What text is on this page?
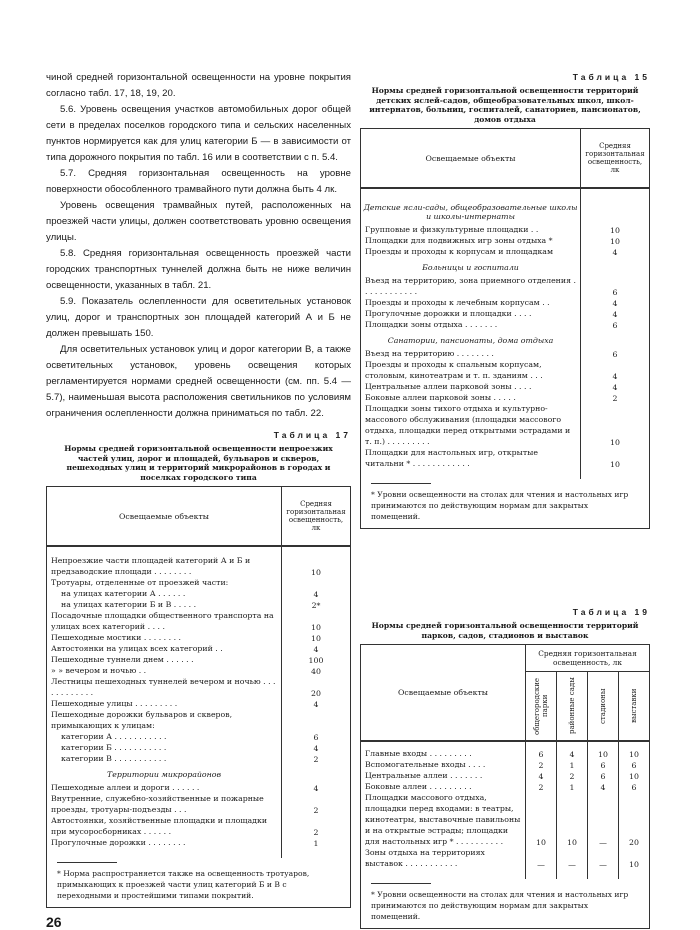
чиной средней горизонтальной освещенности на уровне покрытия согласно табл. 17, 18, 19, 20.

5.6. Уровень освещения участков автомобильных дорог общей сети в пределах поселков городского типа и сельских населенных пунктов нормируется как для улиц категории Б — в зависимости от типа дорожного покрытия по табл. 16 или в соответствии с п. 5.4.

5.7. Средняя горизонтальная освещенность на уровне поверхности обособленного трамвайного пути должна быть 4 лк.

Уровень освещения трамвайных путей, расположенных на проезжей части улицы, должен соответствовать уровню освещения улицы.

5.8. Средняя горизонтальная освещенность проезжей части городских транспортных туннелей должна быть не ниже величин освещенности, указанных в табл. 21.

5.9. Показатель ослепленности для осветительных установок улиц, дорог и транспортных зон площадей категорий А и Б не должен превышать 150.

Для осветительных установок улиц и дорог категории В, а также осветительных установок, уровень освещения которых регламентируется нормами средней освещенности (см. пп. 5.4 — 5.7), наименьшая высота расположения светильников по условиям ограничения ослепленности должна приниматься по табл. 22.

Таблица 17
Нормы средней горизонтальной освещенности непроезжих частей улиц, дорог и площадей, бульваров и скверов, пешеходных улиц и территорий микрорайонов в городах и поселках городского типа
Освещаемые объекты	Средняя горизонтальная освещенность, лк

Непроезжие части площадей категорий А и Б и предзаводские площади . . . . . . . .	10
Тротуары, отделенные от проезжей части:	
на улицах категории А . . . . . .	4
на улицах категории Б и В . . . . .	2*
Посадочные площадки общественного транспорта на улицах всех категорий . . . .	10
Пешеходные мостики . . . . . . . .	10
Автостоянки на улицах всех категорий . .	4
Пешеходные туннели днем . . . . . .	100
» » вечером и ночью . .	40
Лестницы пешеходных туннелей вечером и ночью . . . . . . . . . . . .	20
Пешеходные улицы . . . . . . . . .	4
Пешеходные дорожки бульваров и скверов, примыкающих к улицам:	
категории А . . . . . . . . . . .	6
категории Б . . . . . . . . . . .	4
категории В . . . . . . . . . . .	2
Территории микрорайонов	
Пешеходные аллеи и дороги . . . . . .	4
Внутренние, служебно-хозяйственные и пожарные проезды, тротуары-подъезды . . .	2
Автостоянки, хозяйственные площадки и площадки при мусоросборниках . . . . . .	2
Прогулочные дорожки . . . . . . . .	1

* Норма распространяется также на освещенность тротуаров, примыкающих к проезжей части улиц категорий Б и В с переходными и простейшими типами покрытий.
26
Таблица 15
Нормы средней горизонтальной освещенности территорий детских яслей-садов, общеобразовательных школ, школ-интернатов, больниц, госпиталей, санаториев, пансионатов, домов отдыха
Освещаемые объекты	Средняя горизонтальная освещенность, лк

Детские ясли-сады, общеобразовательные школы и школы-интернаты	
Групповые и физкультурные площадки . .	10
Площадки для подвижных игр зоны отдыха *	10
Проезды и проходы к корпусам и площадкам	4
Больницы и госпитали	
Въезд на территорию, зона приемного отделения . . . . . . . . . . . .	6
Проезды и проходы к лечебным корпусам . .	4
Прогулочные дорожки и площадки . . . .	4
Площадки зоны отдыха . . . . . . .	6
Санатории, пансионаты, дома отдыха	
Въезд на территорию . . . . . . . .	6
Проезды и проходы к спальным корпусам, столовым, кинотеатрам и т. п. зданиям . . .	4
Центральные аллеи парковой зоны . . . .	4
Боковые аллеи парковой зоны . . . . .	2
Площадки зоны тихого отдыха и культурно-массового обслуживания (площадки массового отдыха, площадки перед открытыми эстрадами и т. п.) . . . . . . . . .	10
Площадки для настольных игр, открытые читальни * . . . . . . . . . . . .	10

* Уровни освещенности на столах для чтения и настольных игр принимаются по действующим нормам для закрытых помещений.
Таблица 19
Нормы средней горизонтальной освещенности территорий парков, садов, стадионов и выставок
Освещаемые объекты	Средняя горизонтальная освещенность, лк			

	общегородские парки	районные сады	стадионы	выставки

Главные входы . . . . . . . . .	6	4	10	10
Вспомогательные входы . . . .	2	1	6	6
Центральные аллеи . . . . . . .	4	2	6	10
Боковые аллеи . . . . . . . . .	2	1	4	6
Площадки массового отдыха, площадки перед входами: в театры, кинотеатры, выставочные павильоны и на открытые эстрады; площадки для настольных игр * . . . . . . . . . .	10	10	—	20
Зоны отдыха на территориях выставок . . . . . . . . . . .	—	—	—	10

* Уровни освещенности на столах для чтения и настольных игр принимаются по действующим нормам для закрытых помещений.
